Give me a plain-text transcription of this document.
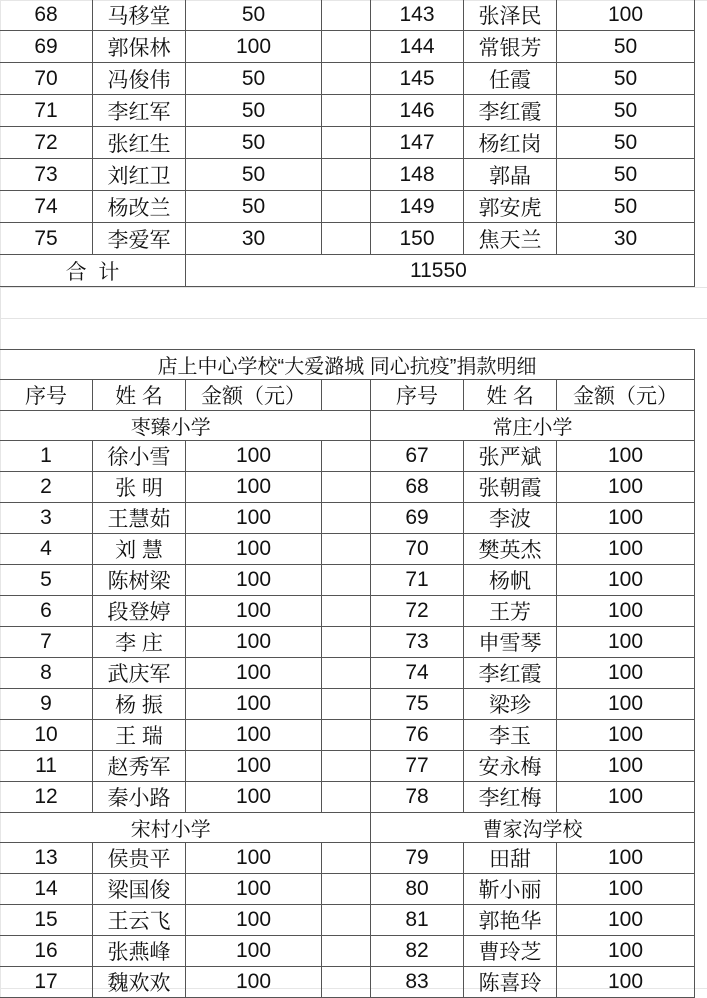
68	马移堂	50		143	张泽民	100
69	郭保林	100		144	常银芳	50
70	冯俊伟	50		145	任霞	50
71	李红军	50		146	李红霞	50
72	张红生	50		147	杨红岗	50
73	刘红卫	50		148	郭晶	50
74	杨改兰	50		149	郭安虎	50
75	李爱军	30		150	焦天兰	30
合  计		11550				
店上中心学校“大爱潞城 同心抗疫”捐款明细						
序号	姓 名	金额（元）		序号	姓 名	金额（元）
枣臻小学				常庄小学		
1	徐小雪	100		67	张严斌	100
2	张 明	100		68	张朝霞	100
3	王慧茹	100		69	李波	100
4	刘 慧	100		70	樊英杰	100
5	陈树梁	100		71	杨帆	100
6	段登婷	100		72	王芳	100
7	李 庄	100		73	申雪琴	100
8	武庆军	100		74	李红霞	100
9	杨 振	100		75	梁珍	100
10	王 瑞	100		76	李玉	100
11	赵秀军	100		77	安永梅	100
12	秦小路	100		78	李红梅	100
宋村小学				曹家沟学校		
13	侯贵平	100		79	田甜	100
14	梁国俊	100		80	靳小丽	100
15	王云飞	100		81	郭艳华	100
16	张燕峰	100		82	曹玲芝	100
17	魏欢欢	100		83	陈喜玲	100
